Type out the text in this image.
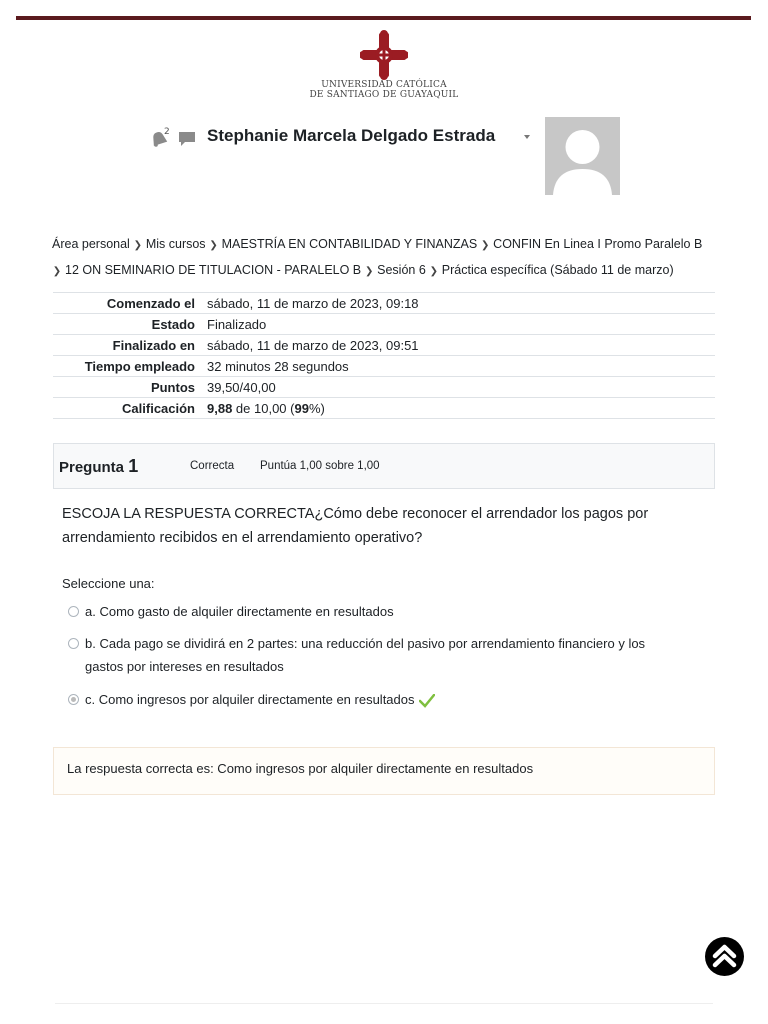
UNIVERSIDAD CATÓLICA
DE SANTIAGO DE GUAYAQUIL
2 Stephanie Marcela Delgado Estrada
Área personal ❯ Mis cursos ❯ MAESTRÍA EN CONTABILIDAD Y FINANZAS ❯ CONFIN En Linea I Promo Paralelo B
❯ 12 ON SEMINARIO DE TITULACION - PARALELO B ❯ Sesión 6 ❯ Práctica específica (Sábado 11 de marzo)
Comenzado el	sábado, 11 de marzo de 2023, 09:18
Estado	Finalizado
Finalizado en	sábado, 11 de marzo de 2023, 09:51
Tiempo empleado	32 minutos 28 segundos
Puntos	39,50/40,00
Calificación	9,88 de 10,00 (99%)
Pregunta 1	Correcta Puntúa 1,00 sobre 1,00
ESCOJA LA RESPUESTA CORRECTA¿Cómo debe reconocer el arrendador los pagos por arrendamiento recibidos en el arrendamiento operativo?
Seleccione una:
a. Como gasto de alquiler directamente en resultados
b. Cada pago se dividirá en 2 partes: una reducción del pasivo por arrendamiento financiero y los gastos por intereses en resultados
c. Como ingresos por alquiler directamente en resultados
La respuesta correcta es: Como ingresos por alquiler directamente en resultados
